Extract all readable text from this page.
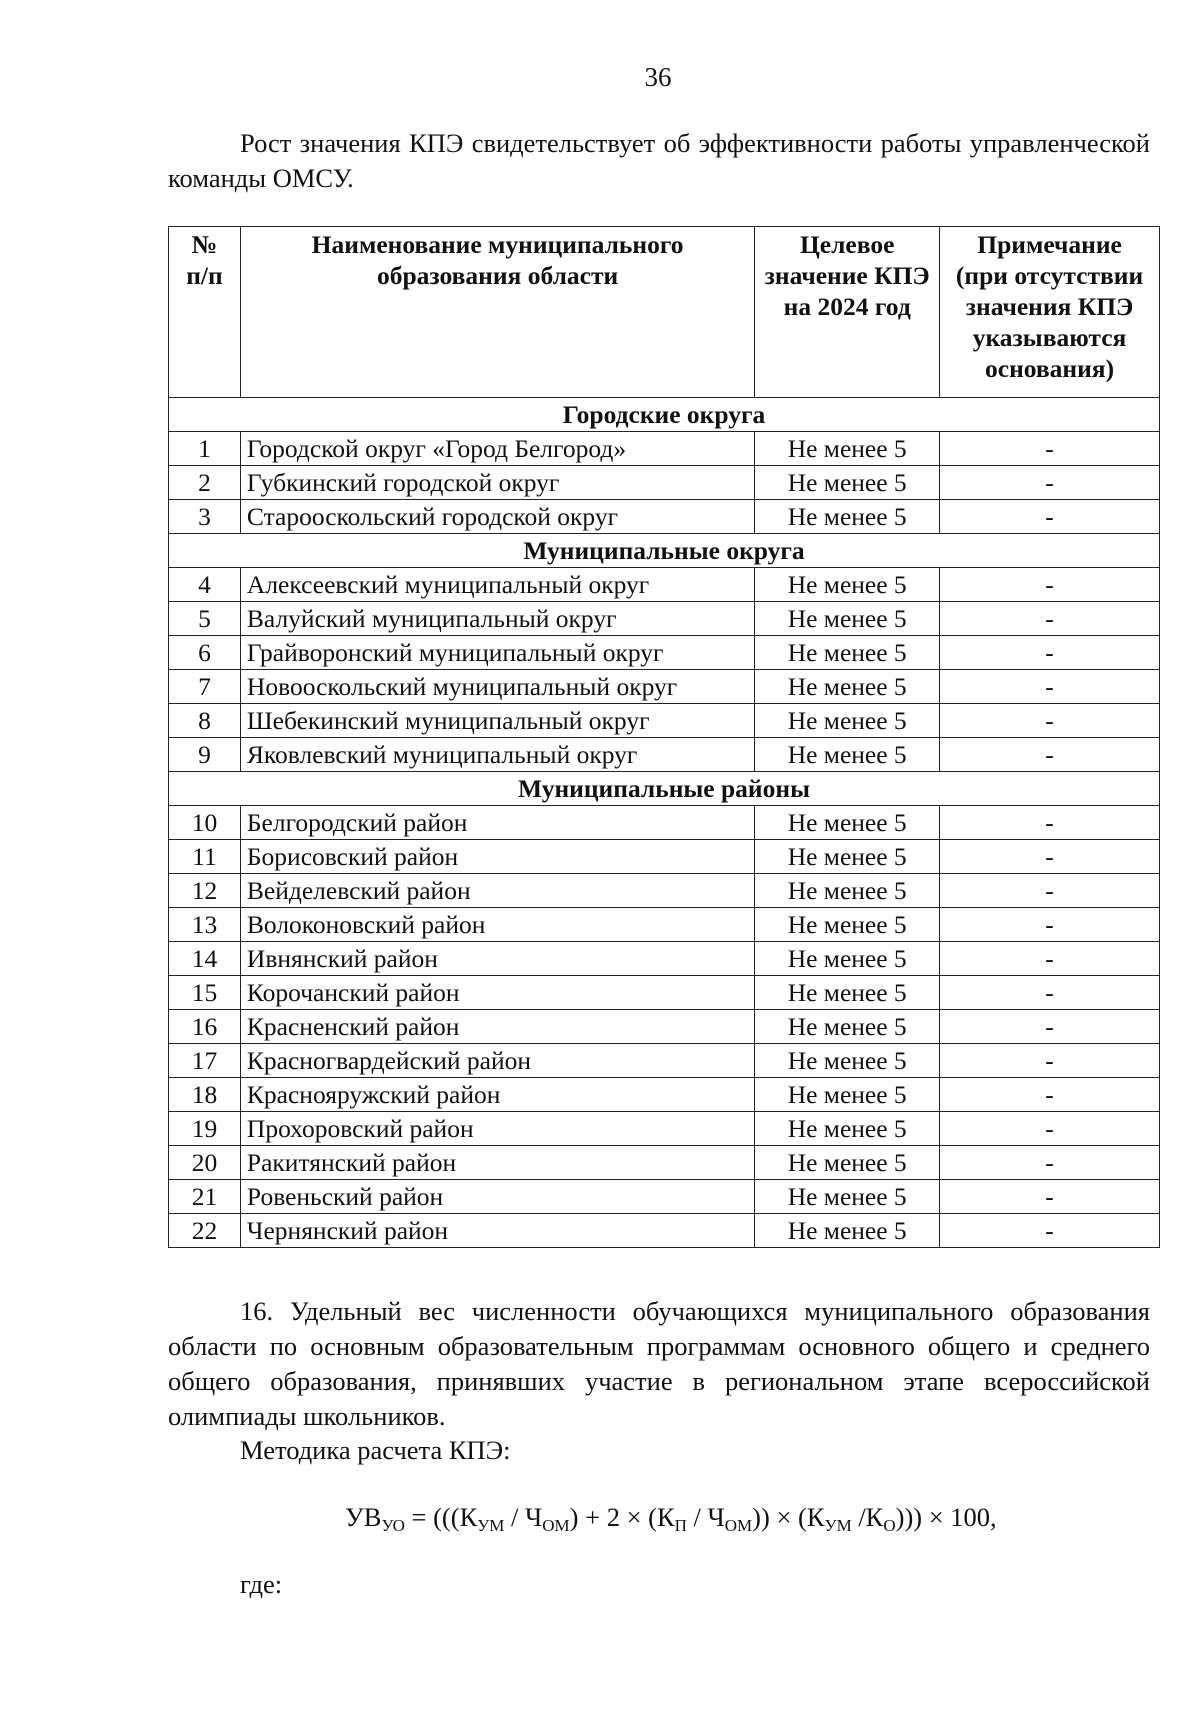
36
Рост значения КПЭ свидетельствует об эффективности работы управленческой команды ОМСУ.
№ п/п	Наименование муниципального образования области	Целевое значение КПЭ на 2024 год	Примечание
(при отсутствии значения КПЭ указываются основания)
Городские округа			
1	Городской округ «Город Белгород»	Не менее 5	-
2	Губкинский городской округ	Не менее 5	-
3	Старооскольский городской округ	Не менее 5	-
Муниципальные округа			
4	Алексеевский муниципальный округ	Не менее 5	-
5	Валуйский муниципальный округ	Не менее 5	-
6	Грайворонский муниципальный округ	Не менее 5	-
7	Новооскольский муниципальный округ	Не менее 5	-
8	Шебекинский муниципальный округ	Не менее 5	-
9	Яковлевский муниципальный округ	Не менее 5	-
Муниципальные районы			
10	Белгородский район	Не менее 5	-
11	Борисовский район	Не менее 5	-
12	Вейделевский район	Не менее 5	-
13	Волоконовский район	Не менее 5	-
14	Ивнянский район	Не менее 5	-
15	Корочанский район	Не менее 5	-
16	Красненский район	Не менее 5	-
17	Красногвардейский район	Не менее 5	-
18	Краснояружский район	Не менее 5	-
19	Прохоровский район	Не менее 5	-
20	Ракитянский район	Не менее 5	-
21	Ровеньский район	Не менее 5	-
22	Чернянский район	Не менее 5	-
16. Удельный вес численности обучающихся муниципального образования области по основным образовательным программам основного общего и среднего общего образования, принявших участие в региональном этапе всероссийской олимпиады школьников.
Методика расчета КПЭ:
$УВ_{УО} = (((К_{УМ} / Ч_{ОМ}) + 2 \times (К_П / Ч_{ОМ})) \times (К_{УМ}$ $/К_О))) \times 100$,
где:
